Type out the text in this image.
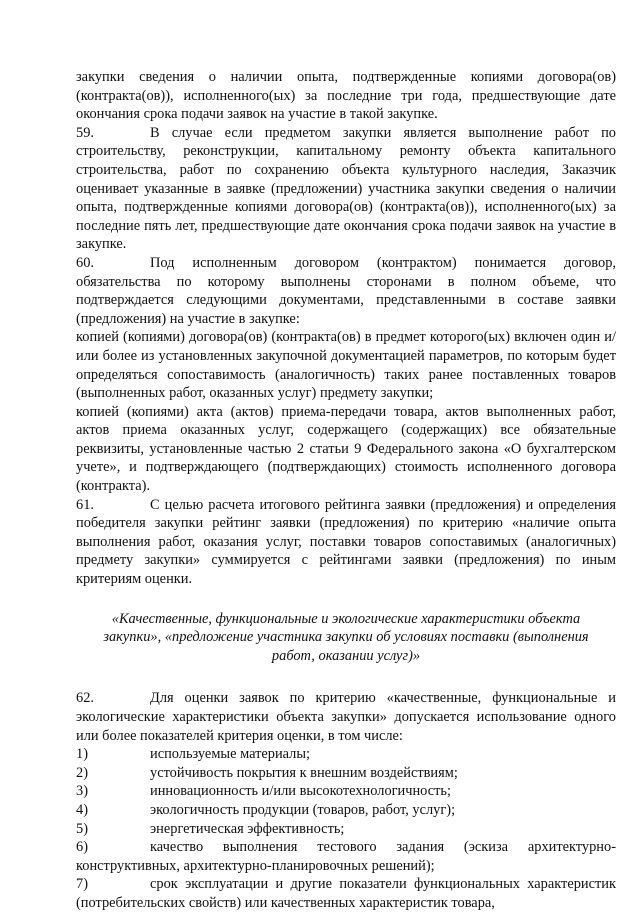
закупки сведения о наличии опыта, подтвержденные копиями договора(ов) (контракта(ов)), исполненного(ых) за последние три года, предшествующие дате окончания срока подачи заявок на участие в такой закупке.

59.	В случае если предметом закупки является выполнение работ по строительству, реконструкции, капитальному ремонту объекта капитального строительства, работ по сохранению объекта культурного наследия, Заказчик оценивает указанные в заявке (предложении) участника закупки сведения о наличии опыта, подтвержденные копиями договора(ов) (контракта(ов)), исполненного(ых) за последние пять лет, предшествующие дате окончания срока подачи заявок на участие в закупке.

60.	Под исполненным договором (контрактом) понимается договор, обязательства по которому выполнены сторонами в полном объеме, что подтверждается следующими документами, представленными в составе заявки (предложения) на участие в закупке:

копией (копиями) договора(ов) (контракта(ов) в предмет которого(ых) включен один и/или более из установленных закупочной документацией параметров, по которым будет определяться сопоставимость (аналогичность) таких ранее поставленных товаров (выполненных работ, оказанных услуг) предмету закупки;

копией (копиями) акта (актов) приема-передачи товара, актов выполненных работ, актов приема оказанных услуг, содержащего (содержащих) все обязательные реквизиты, установленные частью 2 статьи 9 Федерального закона «О бухгалтерском учете», и подтверждающего (подтверждающих) стоимость исполненного договора (контракта).

61.	С целью расчета итогового рейтинга заявки (предложения) и определения победителя закупки рейтинг заявки (предложения) по критерию «наличие опыта выполнения работ, оказания услуг, поставки товаров сопоставимых (аналогичных) предмету закупки» суммируется с рейтингами заявки (предложения) по иным критериям оценки.

«Качественные, функциональные и экологические характеристики объекта закупки», «предложение участника закупки об условиях поставки (выполнения работ, оказании услуг)»

62.	Для оценки заявок по критерию «качественные, функциональные и экологические характеристики объекта закупки» допускается использование одного или более показателей критерия оценки, в том числе:

1)	используемые материалы;

2)	устойчивость покрытия к внешним воздействиям;

3)	инновационность и/или высокотехнологичность;

4)	экологичность продукции (товаров, работ, услуг);

5)	энергетическая эффективность;

6)	качество выполнения тестового задания (эскиза архитектурно-конструктивных, архитектурно-планировочных решений);

7)	срок эксплуатации и другие показатели функциональных характеристик (потребительских свойств) или качественных характеристик товара,
